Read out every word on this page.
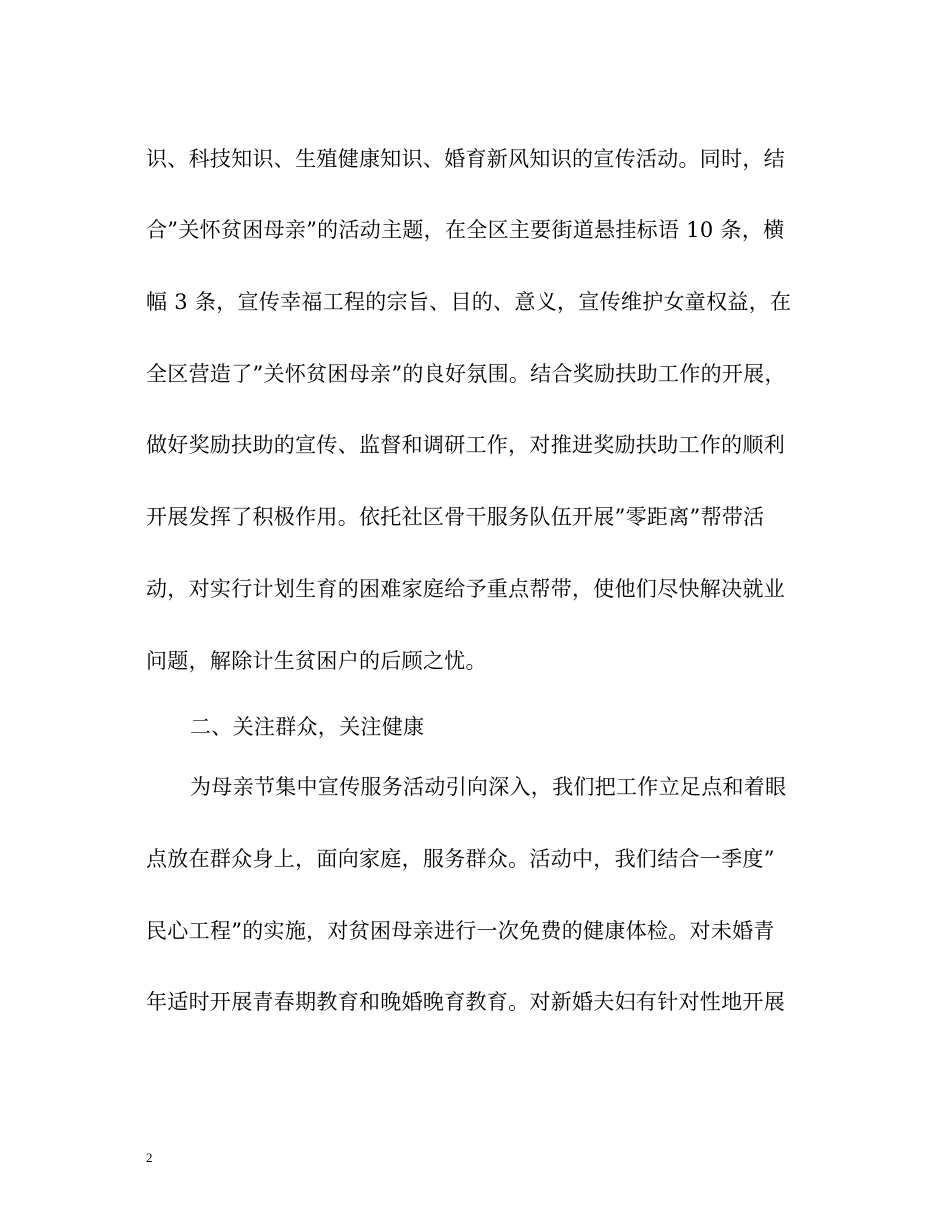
识、科技知识、生殖健康知识、婚育新风知识的宣传活动。同时，结
合”关怀贫困母亲”的活动主题，在全区主要街道悬挂标语 10 条，横
幅 3 条，宣传幸福工程的宗旨、目的、意义，宣传维护女童权益，在
全区营造了”关怀贫困母亲”的良好氛围。结合奖励扶助工作的开展，
做好奖励扶助的宣传、监督和调研工作，对推进奖励扶助工作的顺利
开展发挥了积极作用。依托社区骨干服务队伍开展”零距离”帮带活
动，对实行计划生育的困难家庭给予重点帮带，使他们尽快解决就业
问题，解除计生贫困户的后顾之忧。
二、关注群众，关注健康
为母亲节集中宣传服务活动引向深入，我们把工作立足点和着眼
点放在群众身上，面向家庭，服务群众。活动中，我们结合一季度”
民心工程”的实施，对贫困母亲进行一次免费的健康体检。对未婚青
年适时开展青春期教育和晚婚晚育教育。对新婚夫妇有针对性地开展
2
